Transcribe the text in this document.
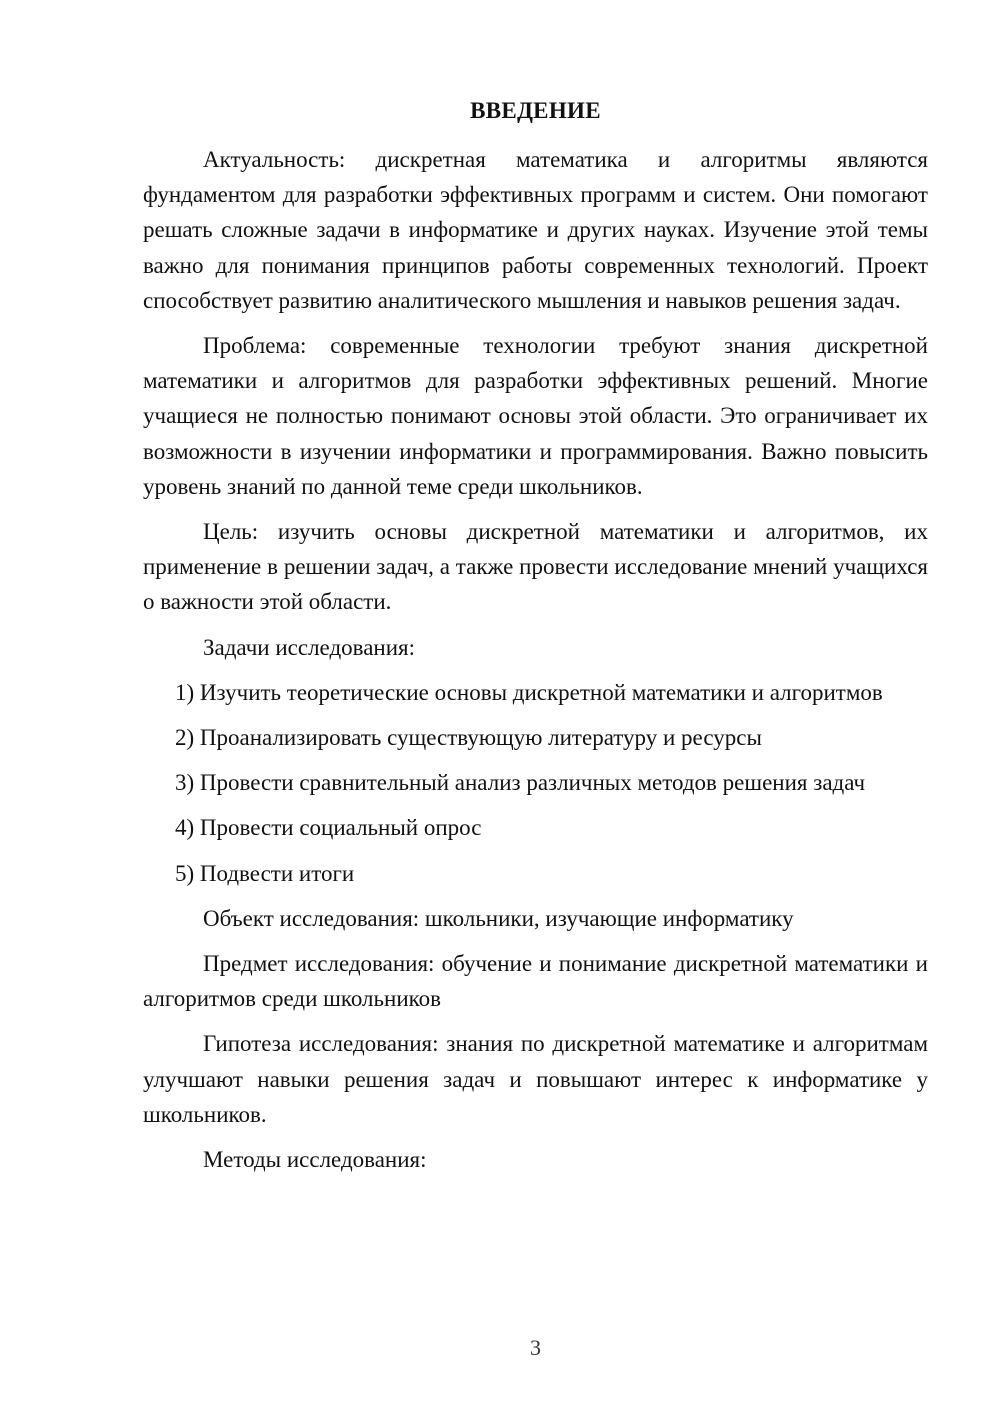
ВВЕДЕНИЕ

Актуальность: дискретная математика и алгоритмы являются фундаментом для разработки эффективных программ и систем. Они помогают решать сложные задачи в информатике и других науках. Изучение этой темы важно для понимания принципов работы современных технологий. Проект способствует развитию аналитического мышления и навыков решения задач.

Проблема: современные технологии требуют знания дискретной математики и алгоритмов для разработки эффективных решений. Многие учащиеся не полностью понимают основы этой области. Это ограничивает их возможности в изучении информатики и программирования. Важно повысить уровень знаний по данной теме среди школьников.

Цель: изучить основы дискретной математики и алгоритмов, их применение в решении задач, а также провести исследование мнений учащихся о важности этой области.

Задачи исследования:

1) Изучить теоретические основы дискретной математики и алгоритмов

2) Проанализировать существующую литературу и ресурсы

3) Провести сравнительный анализ различных методов решения задач

4) Провести социальный опрос

5) Подвести итоги

Объект исследования: школьники, изучающие информатику

Предмет исследования: обучение и понимание дискретной математики и алгоритмов среди школьников

Гипотеза исследования: знания по дискретной математике и алгоритмам улучшают навыки решения задач и повышают интерес к информатике у школьников.

Методы исследования:

3
